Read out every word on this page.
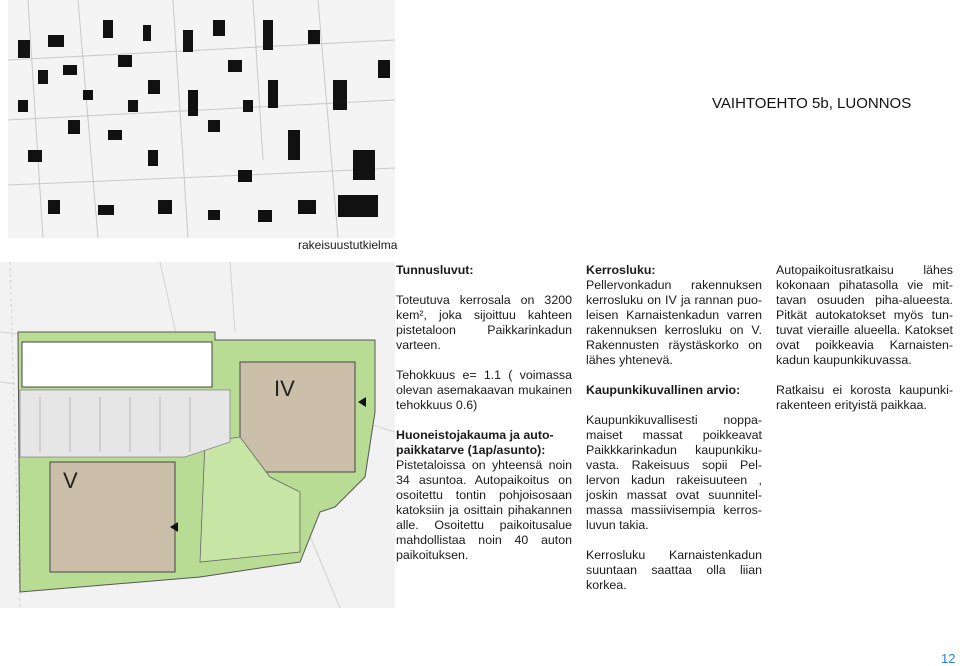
VAIHTOEHTO 5b, LUONNOS
rakeisuustutkielma
IV
V

Tunnusluvut:

Toteutuva kerrosala on 3200 kem², joka sijoittuu kahteen pistetaloon Paikkarinkadun varteen.

Tehokkuus e= 1.1 ( voimassa olevan asemakaavan mukainen tehokkuus 0.6)

Huoneistojakauma ja autopaikkatarve (1ap/asunto):

Pistetaloissa on yhteensä noin 34 asuntoa. Autopaikoitus on osoitettu tontin pohjoisosaan katoksiin ja osittain pihakannen alle. Osoitettu paikoitusalue mahdollistaa noin 40 auton paikoituksen.

Kerrosluku:

Pellervonkadun rakennuksen kerrosluku on IV ja rannan puoleisen Karnaistenkadun varren rakennuksen kerrosluku on V. Rakennusten räystäskorko on lähes yhtenevä.

Kaupunkikuvallinen arvio:

Kaupunkikuvallisesti noppamaiset massat poikkeavat Paikkkarinkadun kaupunkikuvasta. Rakeisuus sopii Pellervon kadun rakeisuuteen , joskin massat ovat suunnitelmassa massiivisempia kerrosluvun takia.

Kerrosluku Karnaistenkadun suuntaan saattaa olla liian korkea.

Autopaikoitusratkaisu lähes kokonaan pihatasolla vie mittavan osuuden piha-alueesta. Pitkät autokatokset myös tuntuvat vieraille alueella. Katokset ovat poikkeavia Karnaistenkadun kaupunkikuvassa.

Ratkaisu ei korosta kaupunkirakenteen erityistä paikkaa.

12
